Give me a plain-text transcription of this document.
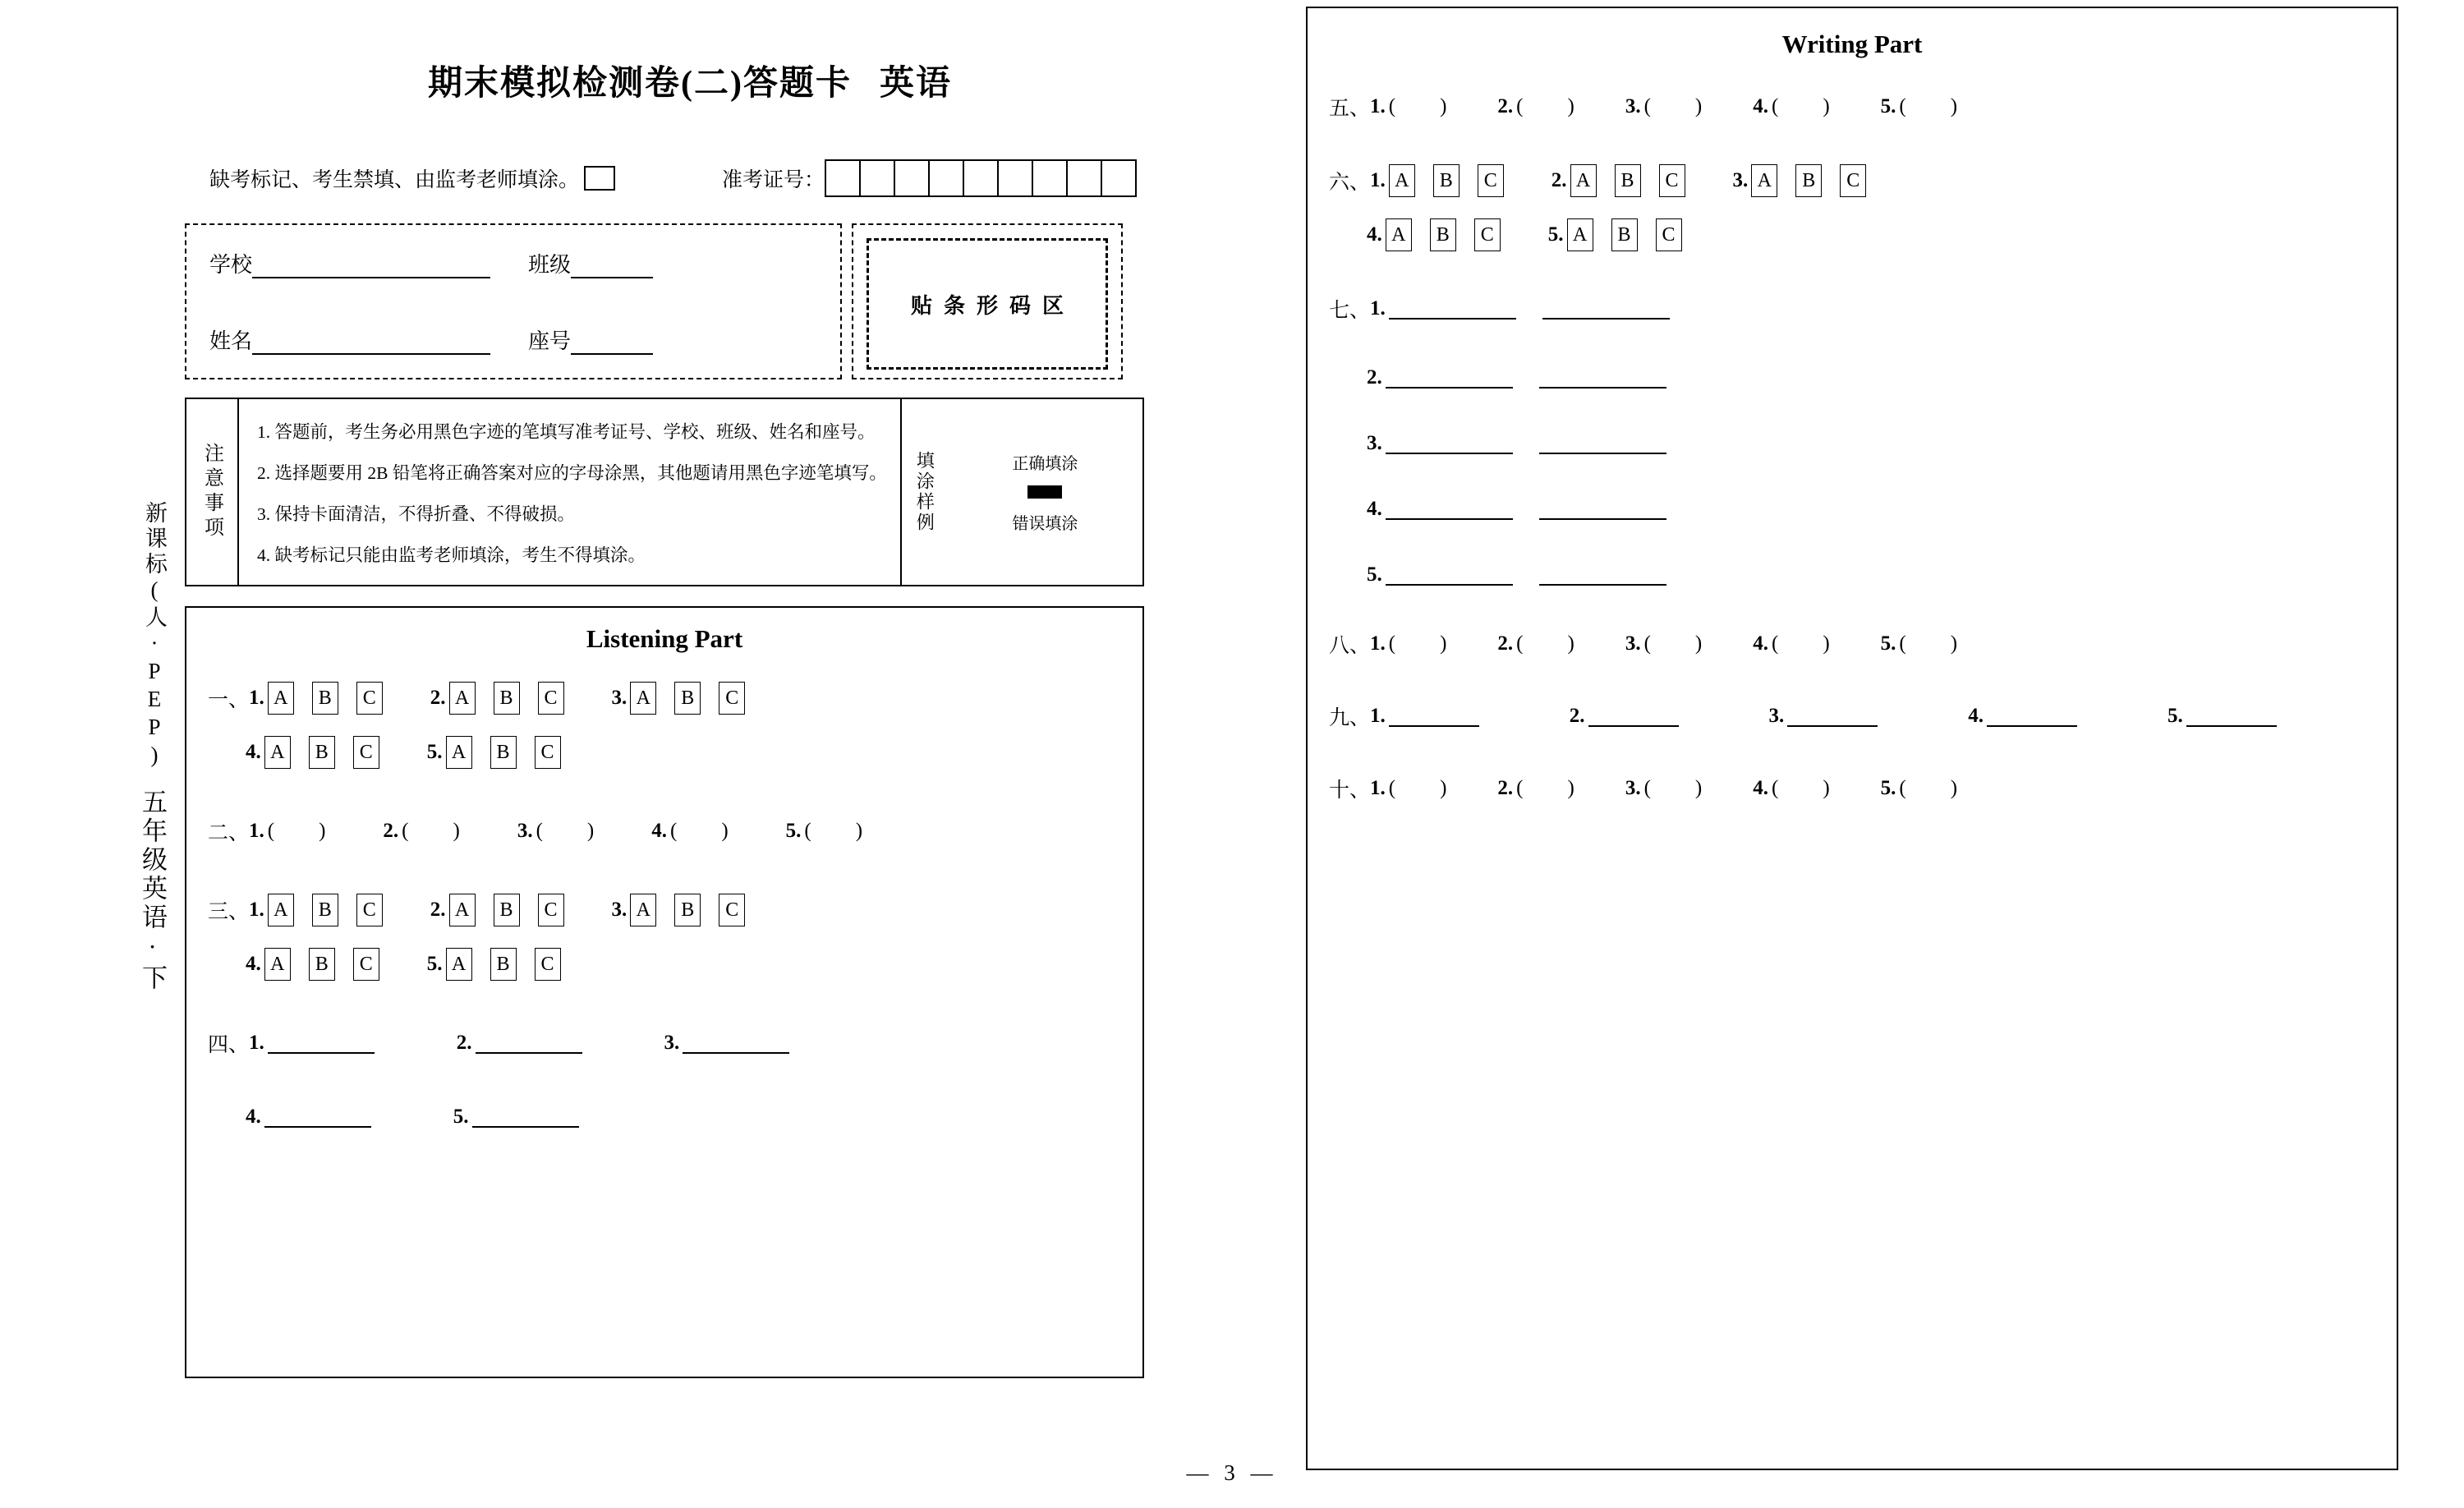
新课标(人·PEP)
五年级英语·下
期末模拟检测卷(二)答题卡 英语
缺考标记、考生禁填、由监考老师填涂。	准考证号：
学校	班级
姓名	座号
贴条形码区
注意事项
1. 答题前，考生务必用黑色字迹的笔填写准考证号、学校、班级、姓名和座号。
2. 选择题要用 2B 铅笔将正确答案对应的字母涂黑，其他题请用黑色字迹笔填写。
3. 保持卡面清洁，不得折叠、不得破损。
4. 缺考标记只能由监考老师填涂，考生不得填涂。
填涂样例	正确填涂
错误填涂
Listening Part
一、 1. A	B	C	2. A	B	C	3. A	B	C
4. A	B	C	5. A	B	C
二、 1. ( )	2. ( )	3. ( )	4. ( )	5. ( )
三、 1. A	B	C	2. A	B	C	3. A	B	C
4. A	B	C	5. A	B	C
四、 1.	2.	3.
4.	5.
Writing Part
五、 1. ( ) 2. ( ) 3. ( ) 4. ( ) 5. ( )
六、 1. A	B	C	2. A	B	C	3. A	B	C
4. A	B	C	5. A	B	C
七、 1.
2.
3.
4.
5.
八、 1. ( ) 2. ( ) 3. ( ) 4. ( ) 5. ( )
九、 1.	2.	3.	4.	5.
十、 1. ( ) 2. ( ) 3. ( ) 4. ( ) 5. ( )
— 3 —
